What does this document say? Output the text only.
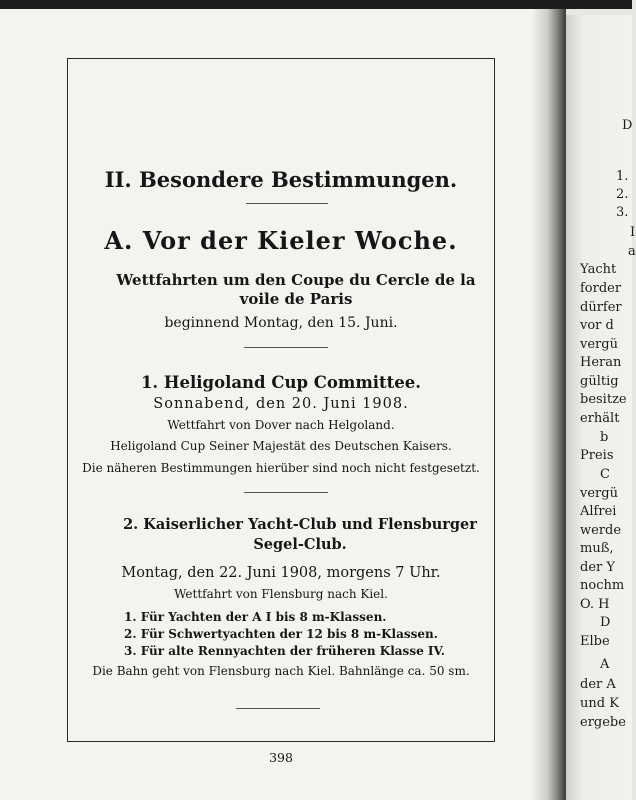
D
1.
2.
3.
I
a
Yacht
forder
dürfer
vor d
vergü
Heran
gültig
besitze
erhält
b
Preis
C
vergü
Alfrei
werde
muß,
der Y
nochm
O. H
D
Elbe
A
der A
und K
ergebe
II. Besondere Bestimmungen.
A. Vor der Kieler Woche.
Wettfahrten um den Coupe du Cercle de la voile de Paris
beginnend Montag, den 15. Juni.
1. Heligoland Cup Committee.
Sonnabend, den 20. Juni 1908.
Wettfahrt von Dover nach Helgoland.
Heligoland Cup Seiner Majestät des Deutschen Kaisers.
Die näheren Bestimmungen hierüber sind noch nicht festgesetzt.
2. Kaiserlicher Yacht-Club und Flensburger Segel-Club.
Montag, den 22. Juni 1908, morgens 7 Uhr.
Wettfahrt von Flensburg nach Kiel.
1. Für Yachten der A I bis 8 m-Klassen.
2. Für Schwertyachten der 12 bis 8 m-Klassen.
3. Für alte Rennyachten der früheren Klasse IV.
Die Bahn geht von Flensburg nach Kiel. Bahnlänge ca. 50 sm.
398
